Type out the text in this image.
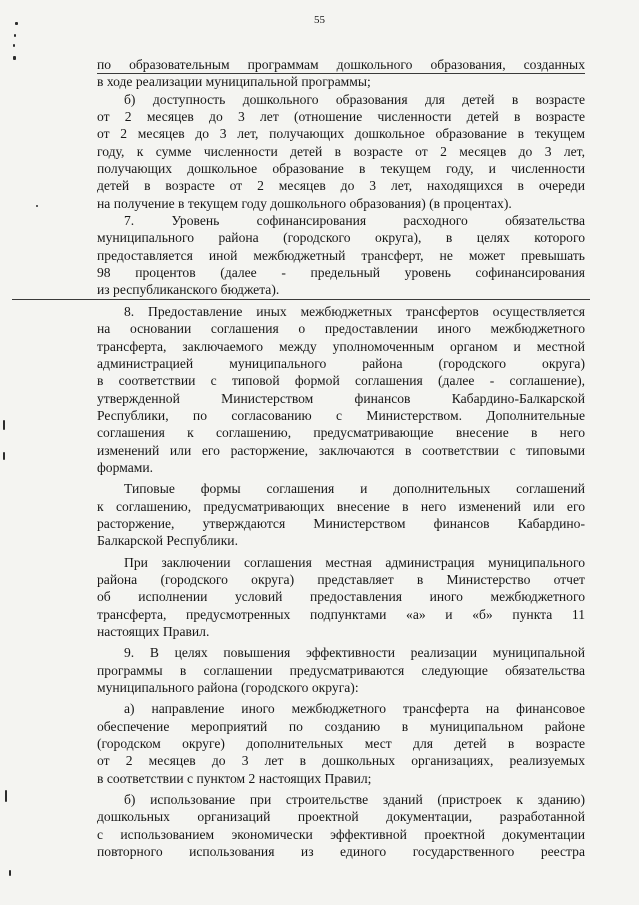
55

по образовательным программам дошкольного образования, созданных

в ходе реализации муниципальной программы;

б) доступность дошкольного образования для детей в возрасте

от 2 месяцев до 3 лет (отношение численности детей в возрасте

от 2 месяцев до 3 лет, получающих дошкольное образование в текущем

году, к сумме численности детей в возрасте от 2 месяцев до 3 лет,

получающих дошкольное образование в текущем году, и численности

детей в возрасте от 2 месяцев до 3 лет, находящихся в очереди

на получение в текущем году дошкольного образования) (в процентах).

7. Уровень софинансирования расходного обязательства

муниципального района (городского округа), в целях которого

предоставляется иной межбюджетный трансферт, не может превышать

98 процентов (далее - предельный уровень софинансирования

из республиканского бюджета).

8. Предоставление иных межбюджетных трансфертов осуществляется

на основании соглашения о предоставлении иного межбюджетного

трансферта, заключаемого между уполномоченным органом и местной

администрацией муниципального района (городского округа)

в соответствии с типовой формой соглашения (далее - соглашение),

утвержденной Министерством финансов Кабардино-Балкарской

Республики, по согласованию с Министерством. Дополнительные

соглашения к соглашению, предусматривающие внесение в него

изменений или его расторжение, заключаются в соответствии с типовыми

формами.

Типовые формы соглашения и дополнительных соглашений

к соглашению, предусматривающих внесение в него изменений или его

расторжение, утверждаются Министерством финансов Кабардино-

Балкарской Республики.

При заключении соглашения местная администрация муниципального

района (городского округа) представляет в Министерство отчет

об исполнении условий предоставления иного межбюджетного

трансферта, предусмотренных подпунктами «а» и «б» пункта 11

настоящих Правил.

9. В целях повышения эффективности реализации муниципальной

программы в соглашении предусматриваются следующие обязательства

муниципального района (городского округа):

а) направление иного межбюджетного трансферта на финансовое

обеспечение мероприятий по созданию в муниципальном районе

(городском округе) дополнительных мест для детей в возрасте

от 2 месяцев до 3 лет в дошкольных организациях, реализуемых

в соответствии с пунктом 2 настоящих Правил;

б) использование при строительстве зданий (пристроек к зданию)

дошкольных организаций проектной документации, разработанной

с использованием экономически эффективной проектной документации

повторного использования из единого государственного реестра
